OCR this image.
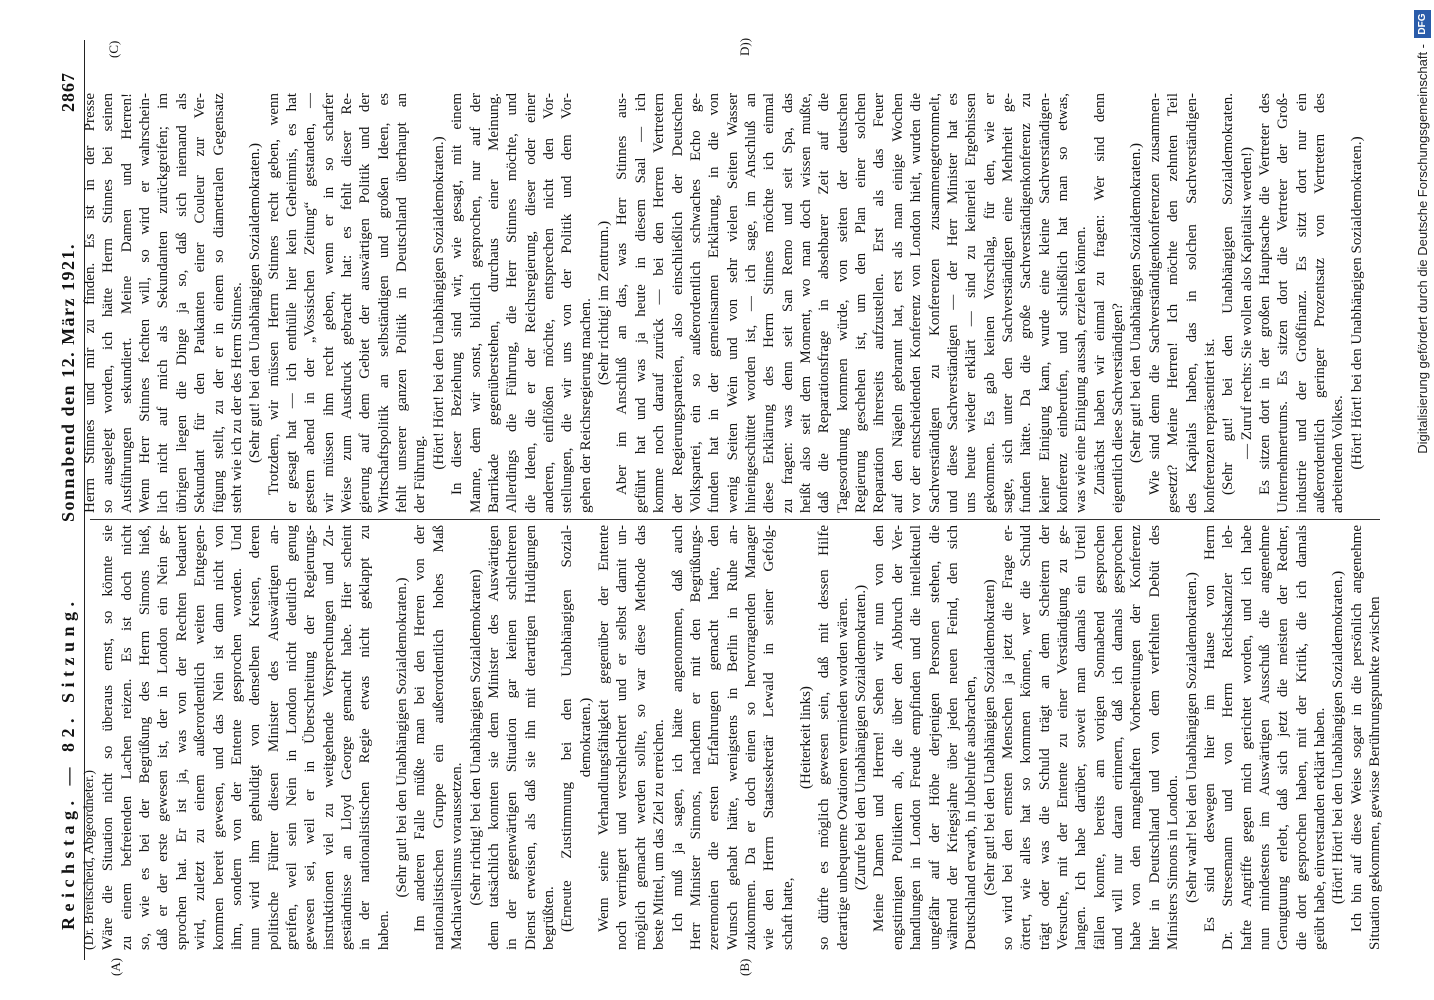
Reichstag. — 82. Sitzung.
Sonnabend den 12. März 1921.
2867
(A)	(B)
(C)	D))
(Dr. Breitscheid, Abgeordneter.) Wäre die Situation nicht so überaus ernst, so könnte sie zu einem befreienden Lachen reizen. Es ist doch nicht so, wie es bei der Begrüßung des Herrn Simons hieß, daß er der erste gewesen ist, der in London ein Nein ge- sprochen hat. Er ist ja, was von der Rechten bedauert wird, zuletzt zu einem außerordentlich weiten Entgegen- kommen bereit gewesen, und das Nein ist dann nicht von ihm, sondern von der Entente gesprochen worden. Und nun wird ihm gehuldigt von denselben Kreisen, deren politische Führer diesen Minister des Auswärtigen an- greifen, weil sein Nein in London nicht deutlich genug gewesen sei, weil er in Überschreitung der Regierungs- instruktionen viel zu weitgehende Versprechungen und Zu- geständnisse an Lloyd George gemacht habe. Hier scheint in der nationalistischen Regie etwas nicht geklappt zu haben.
(Sehr gut! bei den Unabhängigen Sozialdemokraten.) Im anderen Falle müßte man bei den Herren von der nationalistischen Gruppe ein außerordentlich hohes Maß Machiavellismus voraussetzen. (Sehr richtig! bei den Unabhängigen Sozialdemokraten) denn tatsächlich konnten sie dem Minister des Auswärtigen in der gegenwärtigen Situation gar keinen schlechteren Dienst erweisen, als daß sie ihn mit derartigen Huldigungen begrüßten. (Erneute Zustimmung bei den Unabhängigen Sozial- demokraten.) Wenn seine Verhandlungsfähigkeit gegenüber der Entente noch verringert und verschlechtert und er selbst damit un- möglich gemacht werden sollte, so war diese Methode das beste Mittel, um das Ziel zu erreichen. Ich muß ja sagen, ich hätte angenommen, daß auch Herr Minister Simons, nachdem er mit den Begrüßungs- zeremonien die ersten Erfahrungen gemacht hatte, den Wunsch gehabt hätte, wenigstens in Berlin in Ruhe an- zukommen. Da er doch einen so hervorragenden Manager wie den Herrn Staatssekretär Lewald in seiner Gefolg- schaft hatte,
(Heiterkeit links) so dürfte es möglich gewesen sein, daß mit dessen Hilfe derartige unbequeme Ovationen vermieden worden wären. (Zurufe bei den Unabhängigen Sozialdemokraten.) Meine Damen und Herren! Sehen wir nun von den engstirnigen Politikern ab, die über den Abbruch der Ver- handlungen in London Freude empfinden und die intellektuell ungefähr auf der Höhe derjenigen Personen stehen, die während der Kriegsjahre über jeden neuen Feind, den sich Deutschland erwarb, in Jubelrufe ausbrachen, (Sehr gut! bei den Unabhängigen Sozialdemokraten) so wird bei den ernsten Menschen ja jetzt die Frage er- örtert, wie alles hat so kommen können, wer die Schuld trägt oder was die Schuld trägt an dem Scheitern der Versuche, mit der Entente zu einer Verständigung zu ge- langen. Ich habe darüber, soweit man damals ein Urteil fällen konnte, bereits am vorigen Sonnabend gesprochen und will nur daran erinnern, daß ich damals gesprochen habe von den mangelhaften Vorbereitungen der Konferenz hier in Deutschland und von dem verfehlten Debüt des Ministers Simons in London. (Sehr wahr! bei den Unabhängigen Sozialdemokraten.) Es sind deswegen hier im Hause von Herrn Dr. Stresemann und von Herrn Reichskanzler leb- hafte Angriffe gegen mich gerichtet worden, und ich habe nun mindestens im Auswärtigen Ausschuß die angenehme Genugtuung erlebt, daß sich jetzt die meisten der Redner, die dort gesprochen haben, mit der Kritik, die ich damals geübt habe, einverstanden erklärt haben. (Hört! Hört! bei den Unabhängigen Sozialdemokraten.) Ich bin auf diese Weise sogar in die persönlich angenehme Situation gekommen, gewisse Berührungspunkte zwischen
Herrn Stinnes und mir zu finden. Es ist in der Presse so ausgelegt worden, ich hätte Herrn Stinnes bei seinen Ausführungen sekundiert. Meine Damen und Herren! Wenn Herr Stinnes fechten will, so wird er wahrschein- lich nicht auf mich als Sekundanten zurückgreifen; im übrigen liegen die Dinge ja so, daß sich niemand als Sekundant für den Paukanten einer Couleur zur Ver- fügung stellt, zu der er in einem so diametralen Gegensatz steht wie ich zu der des Herrn Stinnes. (Sehr gut! bei den Unabhängigen Sozialdemokraten.) Trotzdem, wir müssen Herrn Stinnes recht geben, wenn er gesagt hat — ich enthülle hier kein Geheimnis, es hat gestern abend in der „Vossischen Zeitung“ gestanden, — wir müssen ihm recht geben, wenn er in so scharfer Weise zum Ausdruck gebracht hat: es fehlt dieser Re- gierung auf dem Gebiet der auswärtigen Politik und der Wirtschaftspolitik an selbständigen und großen Ideen, es fehlt unserer ganzen Politik in Deutschland überhaupt an der Führung.
(Hört! Hört! bei den Unabhängigen Sozialdemokraten.) In dieser Beziehung sind wir, wie gesagt, mit einem Manne, dem wir sonst, bildlich gesprochen, nur auf der Barrikade gegenüberstehen, durchaus einer Meinung. Allerdings die Führung, die Herr Stinnes möchte, und die Ideen, die er der Reichsregierung, dieser oder einer anderen, einflößen möchte, entsprechen nicht den Vor- stellungen, die wir uns von der Politik und dem Vor- gehen der Reichsregierung machen. (Sehr richtig! im Zentrum.) Aber im Anschluß an das, was Herr Stinnes aus- geführt hat und was ja heute in diesem Saal — ich komme noch darauf zurück — bei den Herren Vertretern der Regierungsparteien, also einschließlich der Deutschen Volkspartei, ein so außerordentlich schwaches Echo ge- funden hat in der gemeinsamen Erklärung, in die von wenig Seiten Wein und von sehr vielen Seiten Wasser hineingeschüttet worden ist, — ich sage, im Anschluß an diese Erklärung des Herrn Stinnes möchte ich einmal zu fragen: was denn seit San Remo und seit Spa, das heißt also seit dem Moment, wo man doch wissen mußte, daß die Reparationsfrage in absehbarer Zeit auf die Tagesordnung kommen würde, von seiten der deutschen Regierung geschehen ist, um den Plan einer solchen Reparation ihrerseits aufzustellen. Erst als das Feuer auf den Nägeln gebrannt hat, erst als man einige Wochen vor der entscheidenden Konferenz von London hielt, wurden die Sachverständigen zu Konferenzen zusammengetrommelt, und diese Sachverständigen — der Herr Minister hat es uns heute wieder erklärt — sind zu keinerlei Ergebnissen gekommen. Es gab keinen Vorschlag, für den, wie er sagte, sich unter den Sachverständigen eine Mehrheit ge- funden hätte. Da die große Sachverständigenkonferenz zu keiner Einigung kam, wurde eine kleine Sachverständigen- konferenz einberufen, und schließlich hat man so etwas, was wie eine Einigung aussah, erzielen können. Zunächst haben wir einmal zu fragen: Wer sind denn eigentlich diese Sachverständigen? (Sehr gut! bei den Unabhängigen Sozialdemokraten.) Wie sind denn die Sachverständigenkonferenzen zusammen- gesetzt? Meine Herren! Ich möchte den zehnten Teil des Kapitals haben, das in solchen Sachverständigen- konferenzen repräsentiert ist. (Sehr gut! bei den Unabhängigen Sozialdemokraten. — Zuruf rechts: Sie wollen also Kapitalist werden!) Es sitzen dort in der großen Hauptsache die Vertreter des Unternehmertums. Es sitzen dort die Vertreter der Groß- industrie und der Großfinanz. Es sitzt dort nur ein außerordentlich geringer Prozentsatz von Vertretern des arbeitenden Volkes. (Hört! Hört! bei den Unabhängigen Sozialdemokraten.)	Digitalisierung gefördert durch die Deutsche Forschungsgemeinschaft -
DFG
